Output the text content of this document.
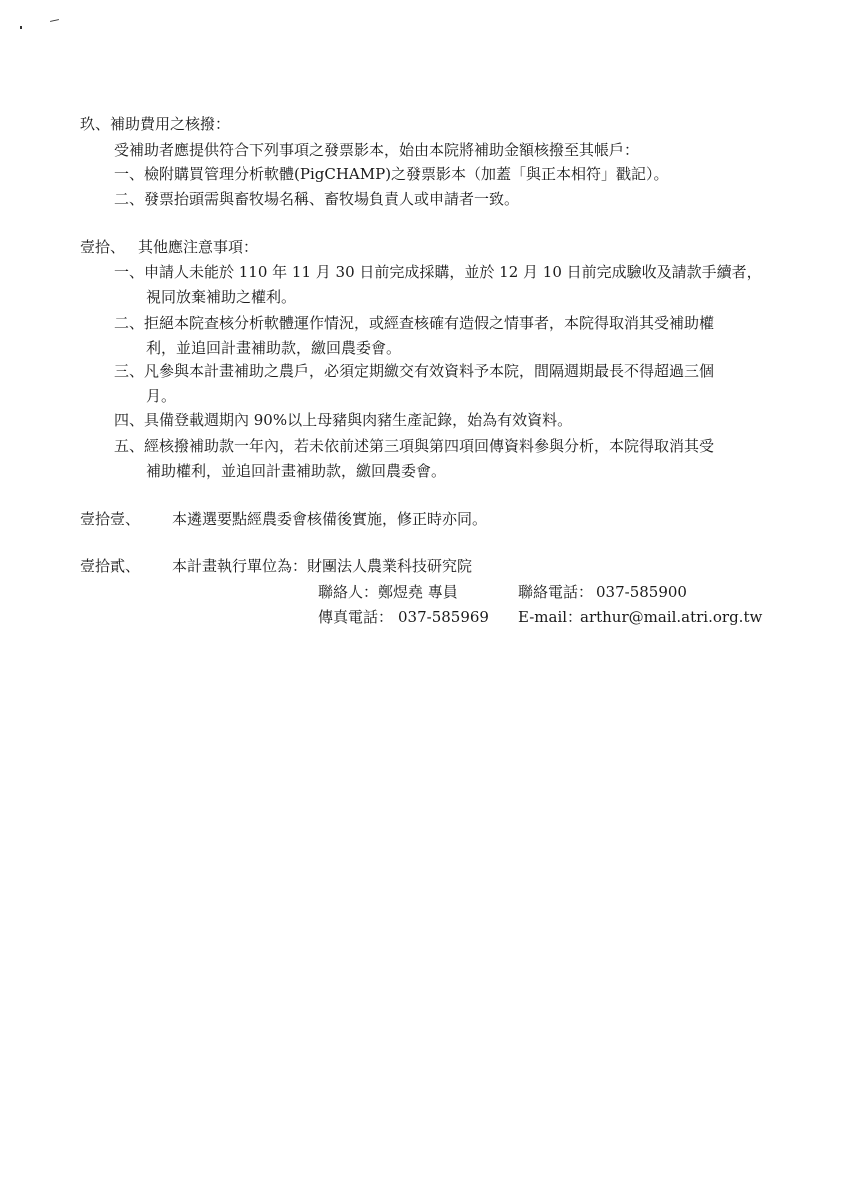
玖、補助費用之核撥：
受補助者應提供符合下列事項之發票影本，始由本院將補助金額核撥至其帳戶：
一、檢附購買管理分析軟體(PigCHAMP)之發票影本（加蓋「與正本相符」戳記）。
二、發票抬頭需與畜牧場名稱、畜牧場負責人或申請者一致。
壹拾、 其他應注意事項：
一、申請人未能於 110 年 11 月 30 日前完成採購，並於 12 月 10 日前完成驗收及請款手續者，
視同放棄補助之權利。
二、拒絕本院查核分析軟體運作情況，或經查核確有造假之情事者，本院得取消其受補助權
利，並追回計畫補助款，繳回農委會。
三、凡參與本計畫補助之農戶，必須定期繳交有效資料予本院，間隔週期最長不得超過三個
月。
四、具備登載週期內 90%以上母豬與肉豬生產記錄，始為有效資料。
五、經核撥補助款一年內，若未依前述第三項與第四項回傳資料參與分析，本院得取消其受
補助權利，並追回計畫補助款，繳回農委會。
壹拾壹、 本遴選要點經農委會核備後實施，修正時亦同。
壹拾貳、 本計畫執行單位為：財團法人農業科技研究院
聯絡人： 鄭煜堯 專員	聯絡電話： 037-585900
傳真電話： 037-585969 E-mail：
arthur@mail.atri.org.tw
